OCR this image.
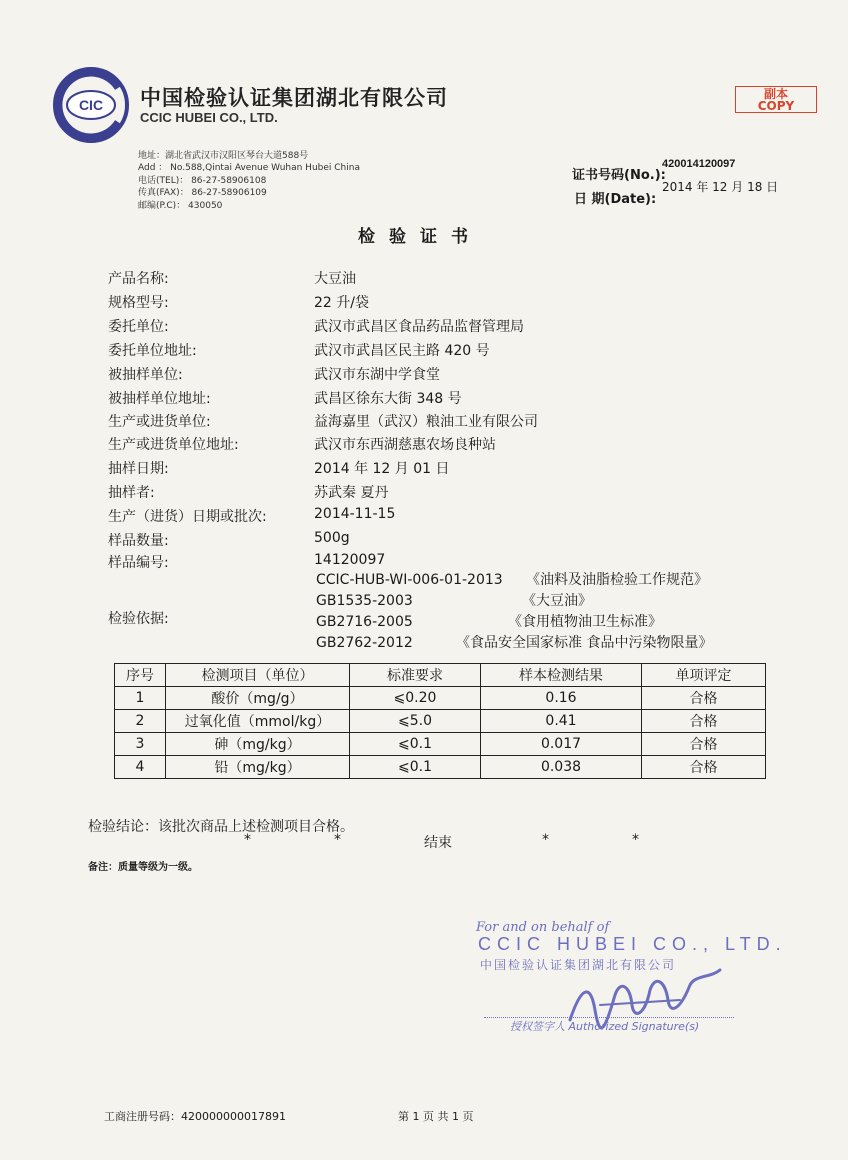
CIC 中国检验认证集团湖北有限公司
CCIC HUBEI CO., LTD.
副本
COPY
地址：湖北省武汉市汉阳区琴台大道588号
Add ： No.588,Qintai Avenue Wuhan Hubei China
电话(TEL)： 86-27-58906108
传真(FAX)： 86-27-58906109
邮编(P.C)： 430050
证书号码(No.):
420014120097
日 期(Date):
2014 年 12 月 18 日
检验证书
产品名称:	大豆油
规格型号:	22 升/袋
委托单位:	武汉市武昌区食品药品监督管理局
委托单位地址:	武汉市武昌区民主路 420 号
被抽样单位:	武汉市东湖中学食堂
被抽样单位地址:	武昌区徐东大街 348 号
生产或进货单位:	益海嘉里（武汉）粮油工业有限公司
生产或进货单位地址:	武汉市东西湖慈惠农场良种站
抽样日期:	2014 年 12 月 01 日
抽样者:	苏武秦 夏丹
生产（进货）日期或批次:	2014-11-15
样品数量:	500g
样品编号:	14120097
检验依据:
CCIC-HUB-WI-006-01-2013 《油料及油脂检验工作规范》
GB1535-2003	《大豆油》
GB2716-2005	《食用植物油卫生标准》
GB2762-2012	《食品安全国家标准 食品中污染物限量》
序号	检测项目（单位）	标准要求	样本检测结果	单项评定
1	酸价（mg/g）	⩽0.20	0.16	合格
2	过氧化值（mmol/kg）	⩽5.0	0.41	合格
3	砷（mg/kg）	⩽0.1	0.017	合格
4	铅（mg/kg）	⩽0.1	0.038	合格
检验结论：该批次商品上述检测项目合格。
*	*	结束	*	*
备注：质量等级为一级。
For and on behalf of
CCIC HUBEI CO., LTD.
中国检验认证集团湖北有限公司
授权签字人 Authorized Signature(s)
工商注册号码：420000000017891	第 1 页 共 1 页
